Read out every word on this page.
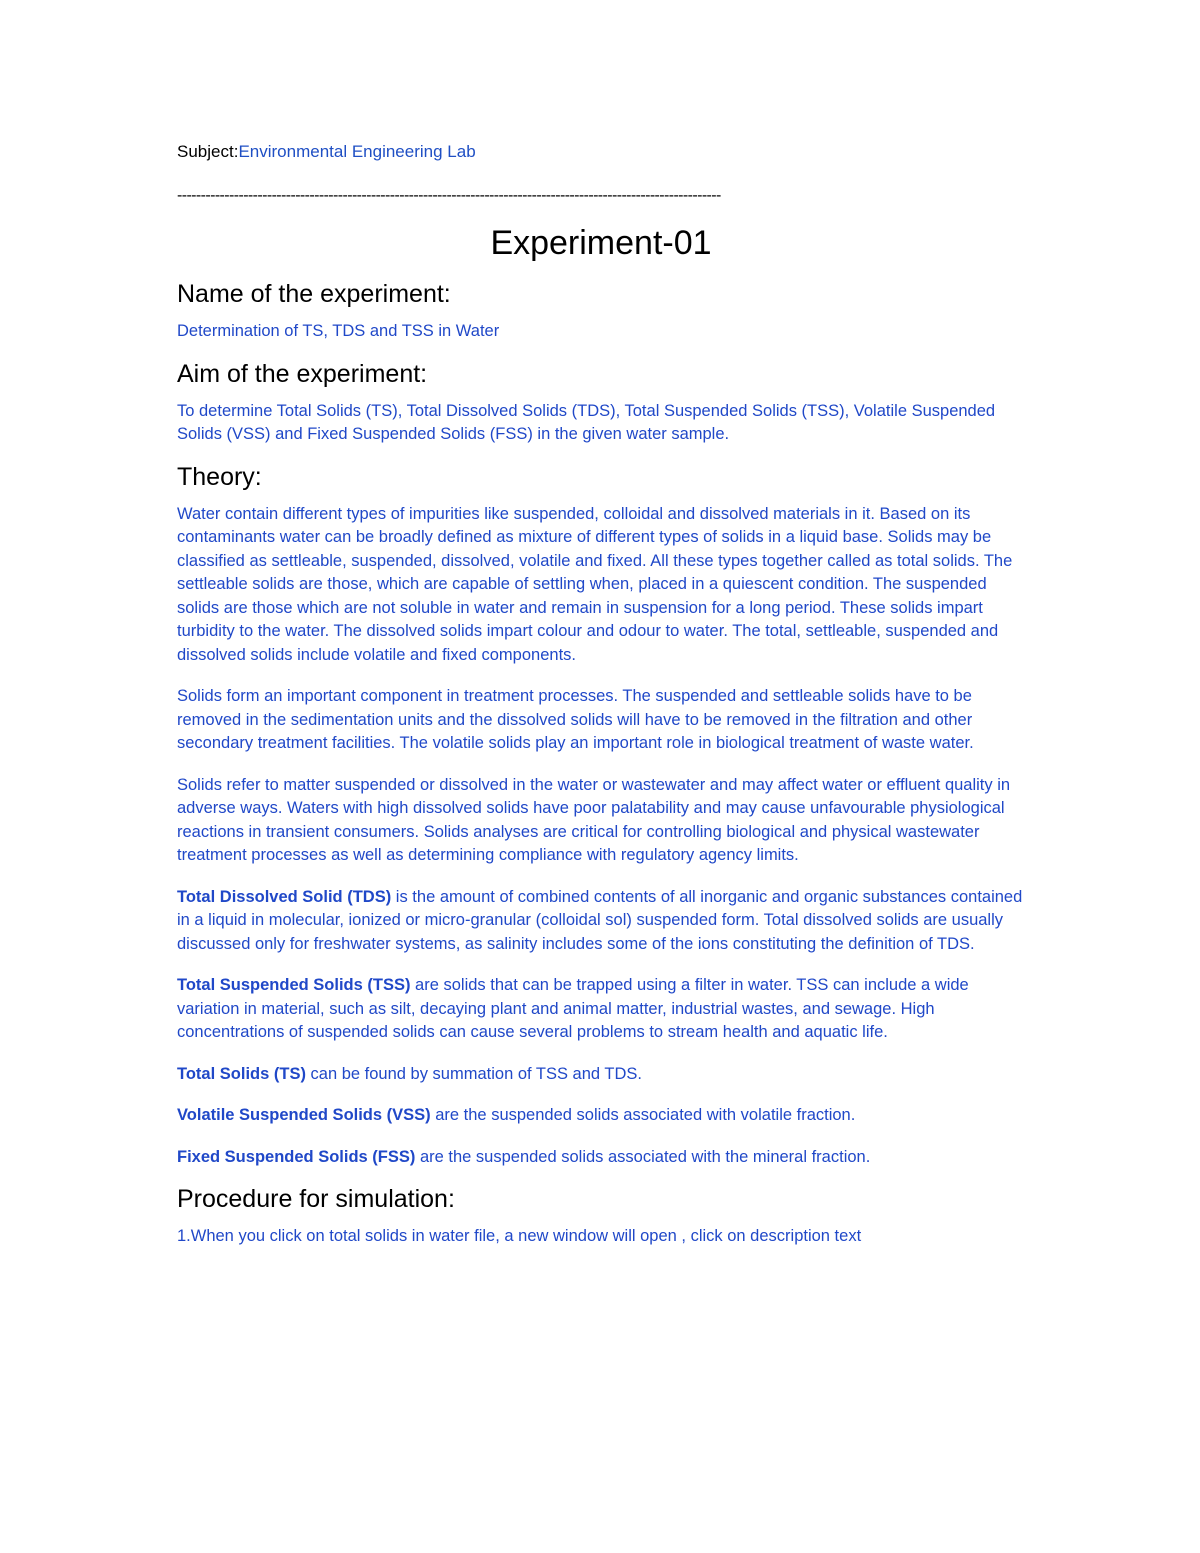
Subject:Environmental Engineering Lab

-------------------------------------------------------------------------------------------------------------------
Experiment-01
Name of the experiment:

Determination of TS, TDS and TSS in Water

Aim of the experiment:

To determine Total Solids (TS), Total Dissolved Solids (TDS), Total Suspended Solids (TSS), Volatile Suspended Solids (VSS) and Fixed Suspended Solids (FSS) in the given water sample.

Theory:

Water contain different types of impurities like suspended, colloidal and dissolved materials in it. Based on its contaminants water can be broadly defined as mixture of different types of solids in a liquid base. Solids may be classified as settleable, suspended, dissolved, volatile and fixed. All these types together called as total solids. The settleable solids are those, which are capable of settling when, placed in a quiescent condition. The suspended solids are those which are not soluble in water and remain in suspension for a long period. These solids impart turbidity to the water. The dissolved solids impart colour and odour to water. The total, settleable, suspended and dissolved solids include volatile and fixed components.

Solids form an important component in treatment processes. The suspended and settleable solids have to be removed in the sedimentation units and the dissolved solids will have to be removed in the filtration and other secondary treatment facilities. The volatile solids play an important role in biological treatment of waste water.

Solids refer to matter suspended or dissolved in the water or wastewater and may affect water or effluent quality in adverse ways. Waters with high dissolved solids have poor palatability and may cause unfavourable physiological reactions in transient consumers. Solids analyses are critical for controlling biological and physical wastewater treatment processes as well as determining compliance with regulatory agency limits.

Total Dissolved Solid (TDS) is the amount of combined contents of all inorganic and organic substances contained in a liquid in molecular, ionized or micro-granular (colloidal sol) suspended form. Total dissolved solids are usually discussed only for freshwater systems, as salinity includes some of the ions constituting the definition of TDS.

Total Suspended Solids (TSS) are solids that can be trapped using a filter in water. TSS can include a wide variation in material, such as silt, decaying plant and animal matter, industrial wastes, and sewage. High concentrations of suspended solids can cause several problems to stream health and aquatic life.

Total Solids (TS) can be found by summation of TSS and TDS.

Volatile Suspended Solids (VSS) are the suspended solids associated with volatile fraction.

Fixed Suspended Solids (FSS) are the suspended solids associated with the mineral fraction.

Procedure for simulation:

1.When you click on total solids in water file, a new window will open , click on description text
